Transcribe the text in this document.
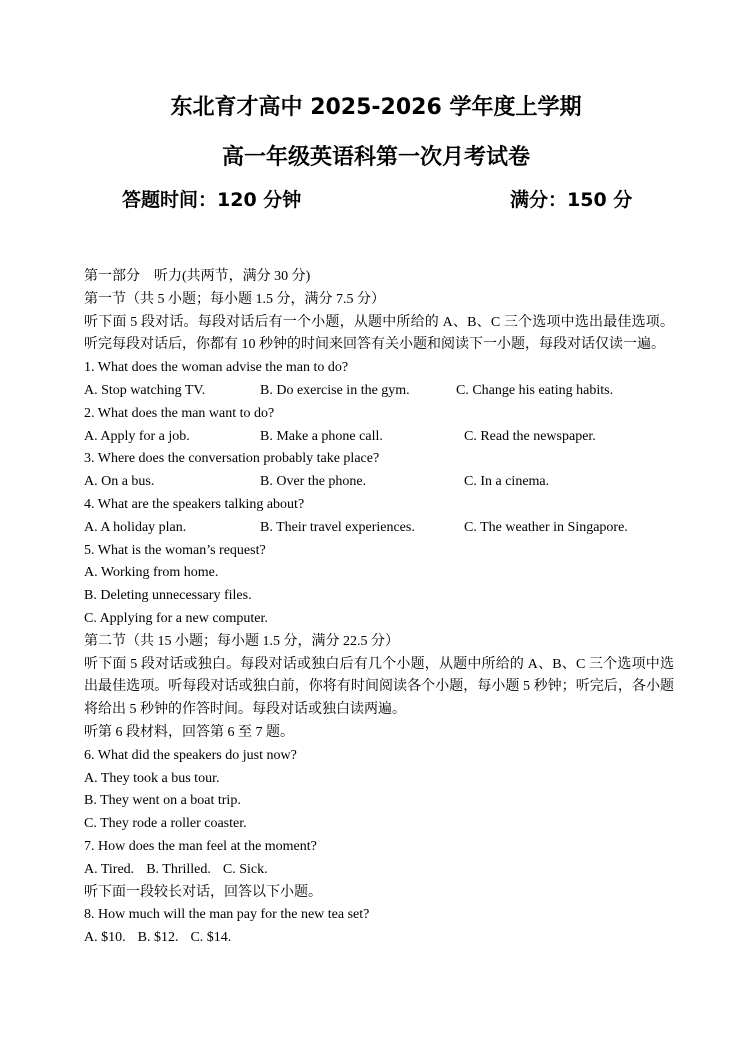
东北育才高中 2025-2026 学年度上学期
高一年级英语科第一次月考试卷
答题时间：120 分钟	满分：150 分
第一部分　听力(共两节，满分 30 分)
第一节（共 5 小题；每小题 1.5 分，满分 7.5 分）
听下面 5 段对话。每段对话后有一个小题，从题中所给的 A、B、C 三个选项中选出最佳选项。听完每段对话后，你都有 10 秒钟的时间来回答有关小题和阅读下一小题，每段对话仅读一遍。
1. What does the woman advise the man to do?
A. Stop watching TV.	B. Do exercise in the gym.	C. Change his eating habits.
2. What does the man want to do?
A. Apply for a job.	B. Make a phone call.	C. Read the newspaper.
3. Where does the conversation probably take place?
A. On a bus.	B. Over the phone.	C. In a cinema.
4. What are the speakers talking about?
A. A holiday plan.	B. Their travel experiences.	C. The weather in Singapore.
5. What is the woman’s request?
A. Working from home.
B. Deleting unnecessary files.
C. Applying for a new computer.
第二节（共 15 小题；每小题 1.5 分，满分 22.5 分）
听下面 5 段对话或独白。每段对话或独白后有几个小题，从题中所给的 A、B、C 三个选项中选出最佳选项。听每段对话或独白前，你将有时间阅读各个小题，每小题 5 秒钟；听完后，各小题将给出 5 秒钟的作答时间。每段对话或独白读两遍。
听第 6 段材料，回答第 6 至 7 题。
6. What did the speakers do just now?
A. They took a bus tour.
B. They went on a boat trip.
C. They rode a roller coaster.
7. How does the man feel at the moment?
A. Tired. B. Thrilled. C. Sick.
听下面一段较长对话，回答以下小题。
8. How much will the man pay for the new tea set?
A. $10. B. $12. C. $14.
